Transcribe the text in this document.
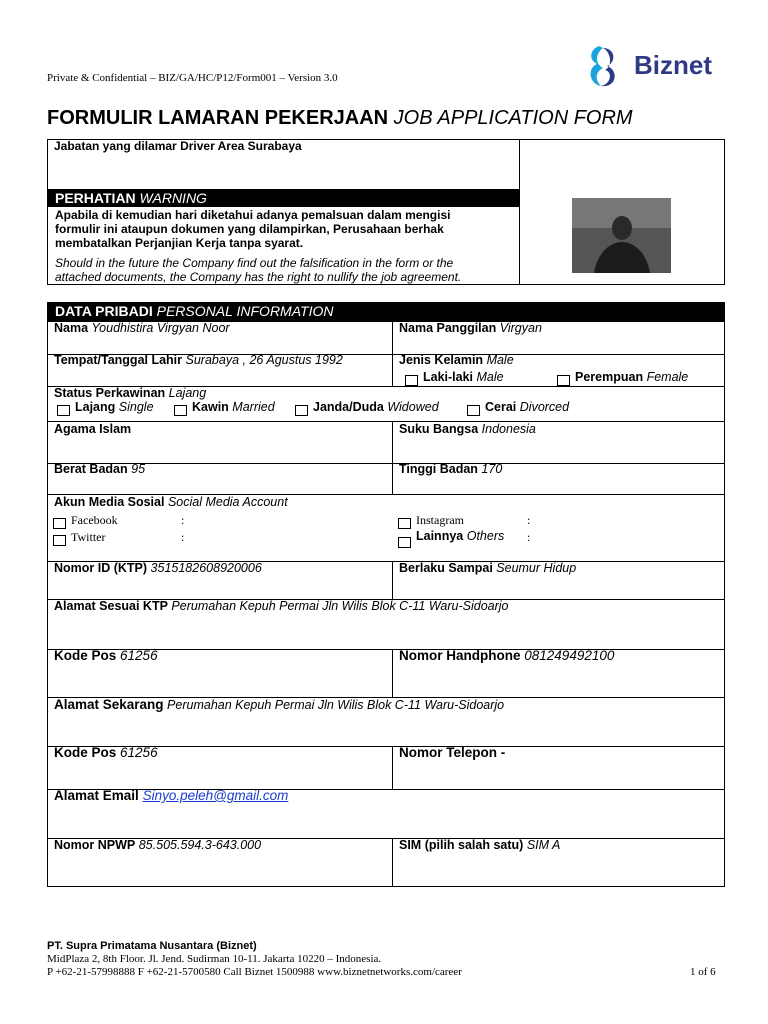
Private & Confidential – BIZ/GA/HC/P12/Form001 – Version 3.0	Biznet
FORMULIR LAMARAN PEKERJAAN JOB APPLICATION FORM
Jabatan yang dilamar Driver Area Surabaya
PERHATIAN WARNING
Apabila di kemudian hari diketahui adanya pemalsuan dalam mengisi
formulir ini ataupun dokumen yang dilampirkan, Perusahaan berhak
membatalkan Perjanjian Kerja tanpa syarat.
Should in the future the Company find out the falsification in the form or the
attached documents, the Company has the right to nullify the job agreement.
DATA PRIBADI PERSONAL INFORMATION
Nama Youdhistira Virgyan Noor	Nama Panggilan Virgyan
Tempat/Tanggal Lahir Surabaya , 26 Agustus 1992	Jenis Kelamin Male
Laki-laki Male	Perempuan Female
Status Perkawinan Lajang
Lajang Single	Kawin Married	Janda/Duda Widowed	Cerai Divorced
Agama Islam	Suku Bangsa Indonesia
Berat Badan 95	Tinggi Badan 170
Akun Media Sosial Social Media Account
Facebook	:
Twitter	:
Instagram	:
Lainnya Others :
Nomor ID (KTP) 3515182608920006	Berlaku Sampai Seumur Hidup
Alamat Sesuai KTP Perumahan Kepuh Permai Jln Wilis Blok C-11 Waru-Sidoarjo
Kode Pos 61256	Nomor Handphone 081249492100
Alamat Sekarang Perumahan Kepuh Permai Jln Wilis Blok C-11 Waru-Sidoarjo
Kode Pos 61256	Nomor Telepon -
Alamat Email Sinyo.peleh@gmail.com
Nomor NPWP 85.505.594.3-643.000	SIM (pilih salah satu) SIM A
PT. Supra Primatama Nusantara (Biznet)
MidPlaza 2, 8th Floor. Jl. Jend. Sudirman 10-11. Jakarta 10220 – Indonesia.
P +62-21-57998888 F +62-21-5700580 Call Biznet 1500988 www.biznetnetworks.com/career	1 of 6
